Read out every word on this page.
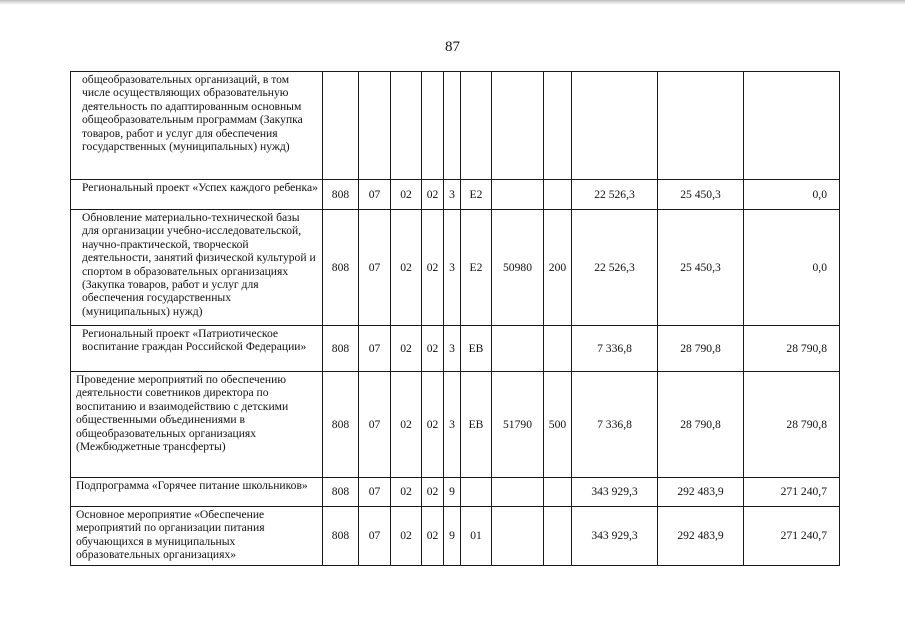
87
общеобразовательных организаций, в том числе осуществляющих образовательную деятельность по адаптированным основным общеобразовательным программам (Закупка товаров, работ и услуг для обеспечения государственных (муниципальных) нужд)											
Региональный проект «Успех каждого ребенка»	808	07	02	02	3	E2			22 526,3	25 450,3	0,0
Обновление материально-технической базы для организации учебно-исследовательской, научно-практической, творческой деятельности, занятий физической культурой и спортом в образовательных организациях (Закупка товаров, работ и услуг для обеспечения государственных (муниципальных) нужд)	808	07	02	02	3	E2	50980	200	22 526,3	25 450,3	0,0
Региональный проект «Патриотическое воспитание граждан Российской Федерации»	808	07	02	02	3	EB			7 336,8	28 790,8	28 790,8
Проведение мероприятий по обеспечению деятельности советников директора по воспитанию и взаимодействию с детскими общественными объединениями в общеобразовательных организациях (Межбюджетные трансферты)	808	07	02	02	3	EB	51790	500	7 336,8	28 790,8	28 790,8
Подпрограмма «Горячее питание школьников»	808	07	02	02	9				343 929,3	292 483,9	271 240,7
Основное мероприятие «Обеспечение мероприятий по организации питания обучающихся в муниципальных образовательных организациях»	808	07	02	02	9	01			343 929,3	292 483,9	271 240,7
